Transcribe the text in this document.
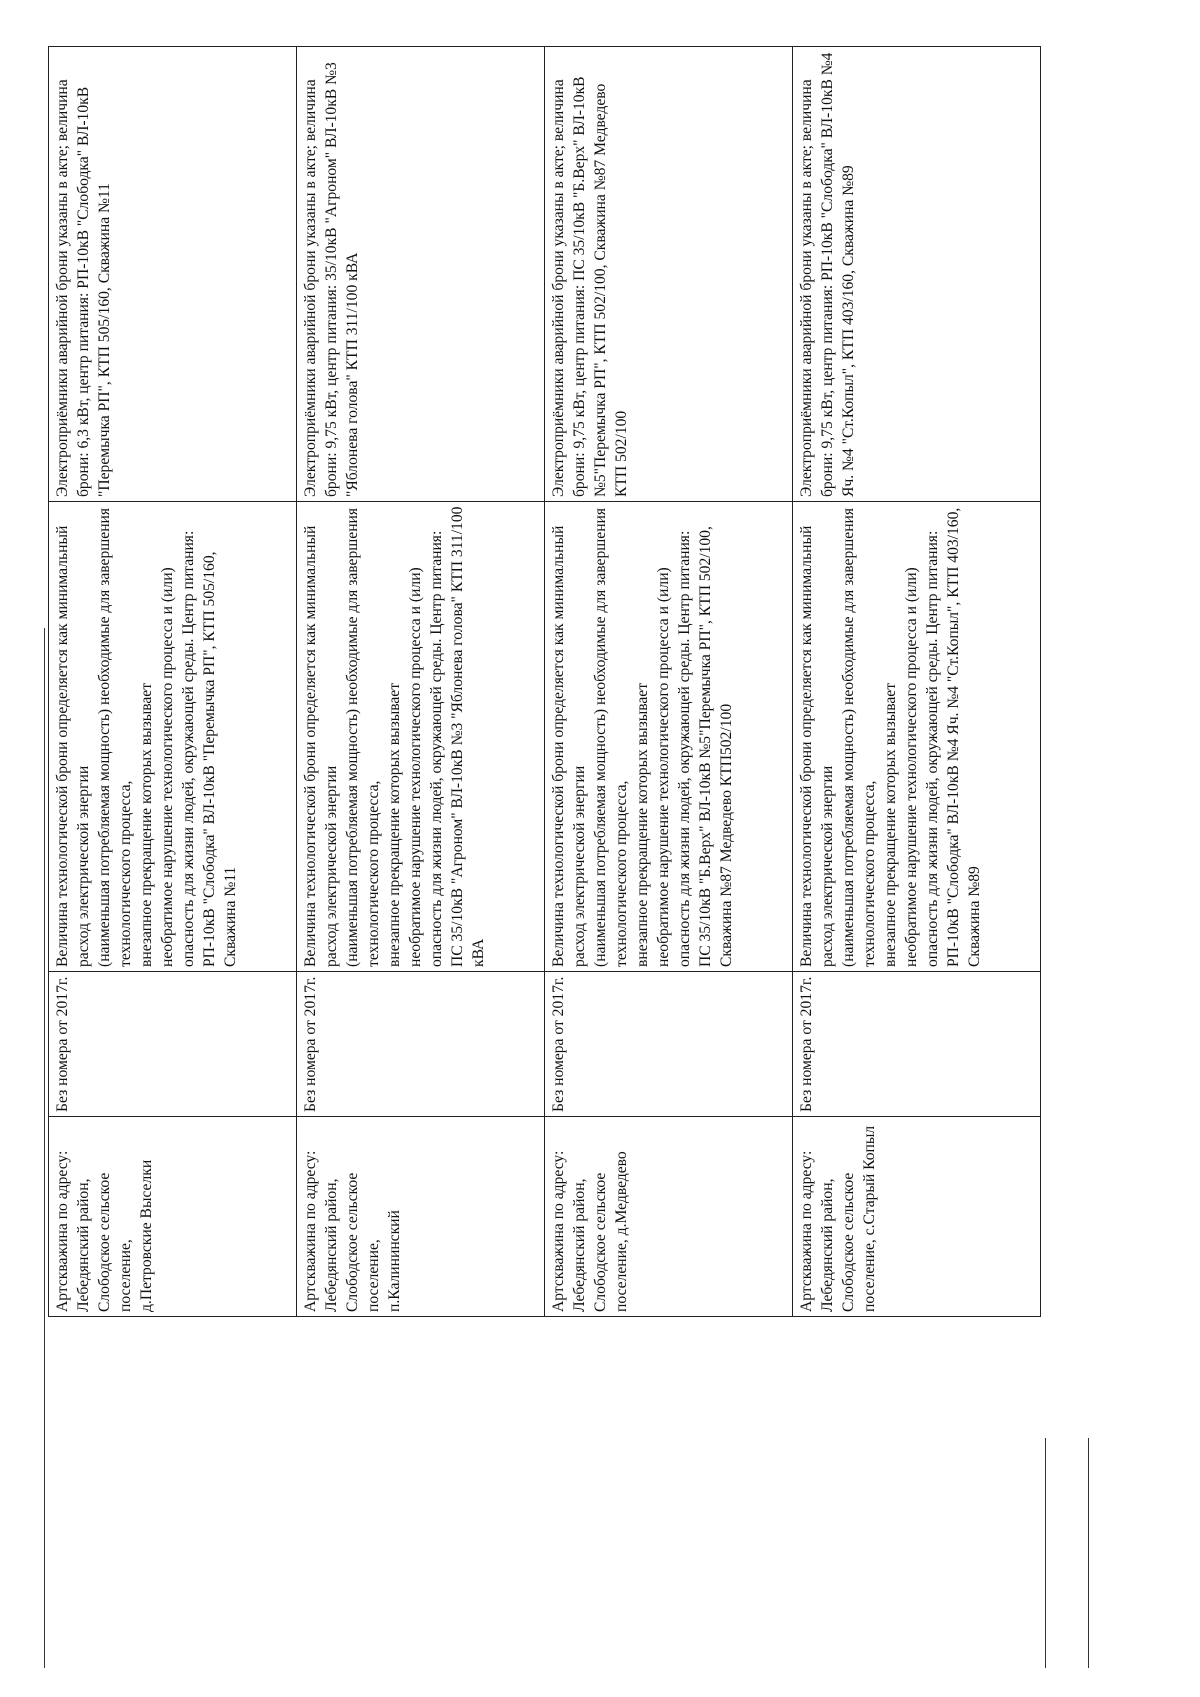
Артскважина по адресу: Лебедянский район, Слободское сельское поселение,
д.Петровские Выселки	Без номера от 2017г.	Величина технологической брони определяется как минимальный расход электрической энергии
(наименьшая потребляемая мощность) необходимые для завершения технологического процесса,
внезапное прекращение которых вызывает
необратимое нарушение технологического процесса и (или) опасность для жизни людей, окружающей среды. Центр питания: РП-10кВ "Слободка" ВЛ-10кВ "Перемычка РП", КТП 505/160, Скважина №11	Электроприёмники аварийной брони указаны в акте; величина брони: 6,3 кВт, центр питания: РП-10кВ "Слободка" ВЛ-10кВ "Перемычка РП", КТП 505/160, Скважина №11
Артскважина по адресу: Лебедянский район, Слободское сельское поселение,
п.Калининский	Без номера от 2017г.	Величина технологической брони определяется как минимальный расход электрической энергии
(наименьшая потребляемая мощность) необходимые для завершения технологического процесса,
внезапное прекращение которых вызывает
необратимое нарушение технологического процесса и (или) опасность для жизни людей, окружающей среды. Центр питания: ПС 35/10кВ "Агроном" ВЛ-10кВ №3 "Яблонева голова" КТП 311/100 кВА	Электроприёмники аварийной брони указаны в акте; величина брони: 9,75 кВт, центр питания: 35/10кВ "Агроном" ВЛ-10кВ №3 "Яблонева голова" КТП 311/100 кВА
Артскважина по адресу: Лебедянский район, Слободское сельское поселение, д.Медведево	Без номера от 2017г.	Величина технологической брони определяется как минимальный расход электрической энергии
(наименьшая потребляемая мощность) необходимые для завершения технологического процесса,
внезапное прекращение которых вызывает
необратимое нарушение технологического процесса и (или) опасность для жизни людей, окружающей среды. Центр питания: ПС 35/10кВ "Б.Верх" ВЛ-10кВ №5"Перемычка РП", КТП 502/100, Скважина №87 Медведево КТП502/100	Электроприёмники аварийной брони указаны в акте; величина брони: 9,75 кВт, центр питания: ПС 35/10кВ "Б.Верх" ВЛ-10кВ №5"Перемычка РП", КТП 502/100, Скважина №87 Медведево КТП 502/100
Артскважина по адресу: Лебедянский район, Слободское сельское поселение, с.Старый Копыл	Без номера от 2017г.	Величина технологической брони определяется как минимальный расход электрической энергии
(наименьшая потребляемая мощность) необходимые для завершения технологического процесса,
внезапное прекращение которых вызывает
необратимое нарушение технологического процесса и (или) опасность для жизни людей, окружающей среды. Центр питания: РП-10кВ "Слободка" ВЛ-10кВ №4 Яч. №4 "Ст.Копыл", КТП 403/160, Скважина №89	Электроприёмники аварийной брони указаны в акте; величина брони: 9,75 кВт, центр питания: РП-10кВ "Слободка" ВЛ-10кВ №4 Яч. №4 "Ст.Копыл", КТП 403/160, Скважина №89
